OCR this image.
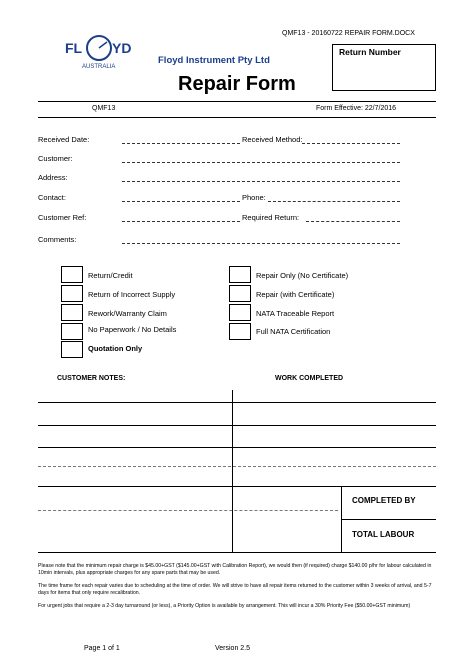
QMF13 - 20160722 REPAIR FORM.DOCX
FL YD
AUSTRALIA
Floyd Instrument Pty Ltd
Repair Form
Return Number
QMF13	Form Effective: 22/7/2016
Received Date:	Received Method:
Customer:
Address:
Contact:	Phone:
Customer Ref:	Required Return:
Comments:
Return/Credit
Return of Incorrect Supply
Rework/Warranty Claim
No Paperwork / No Details
Quotation Only
Repair Only (No Certificate)
Repair (with Certificate)
NATA Traceable Report
Full NATA Certification
CUSTOMER NOTES:	WORK COMPLETED
COMPLETED BY
TOTAL LABOUR
Please note that the minimum repair charge is $45.00+GST ($145.00+GST with Calibration Report), we would then (if required) charge $140.00 p/hr for labour calculated in 10min intervals, plus appropriate charges for any spare parts that may be used.
The time frame for each repair varies due to scheduling at the time of order. We will strive to have all repair items returned to the customer within 3 weeks of arrival, and 5-7 days for items that only require recalibration.
For urgent jobs that require a 2-3 day turnaround (or less), a Priority Option is available by arrangement. This will incur a 30% Priority Fee ($50.00+GST minimum)
Page 1 of 1	Version 2.5
